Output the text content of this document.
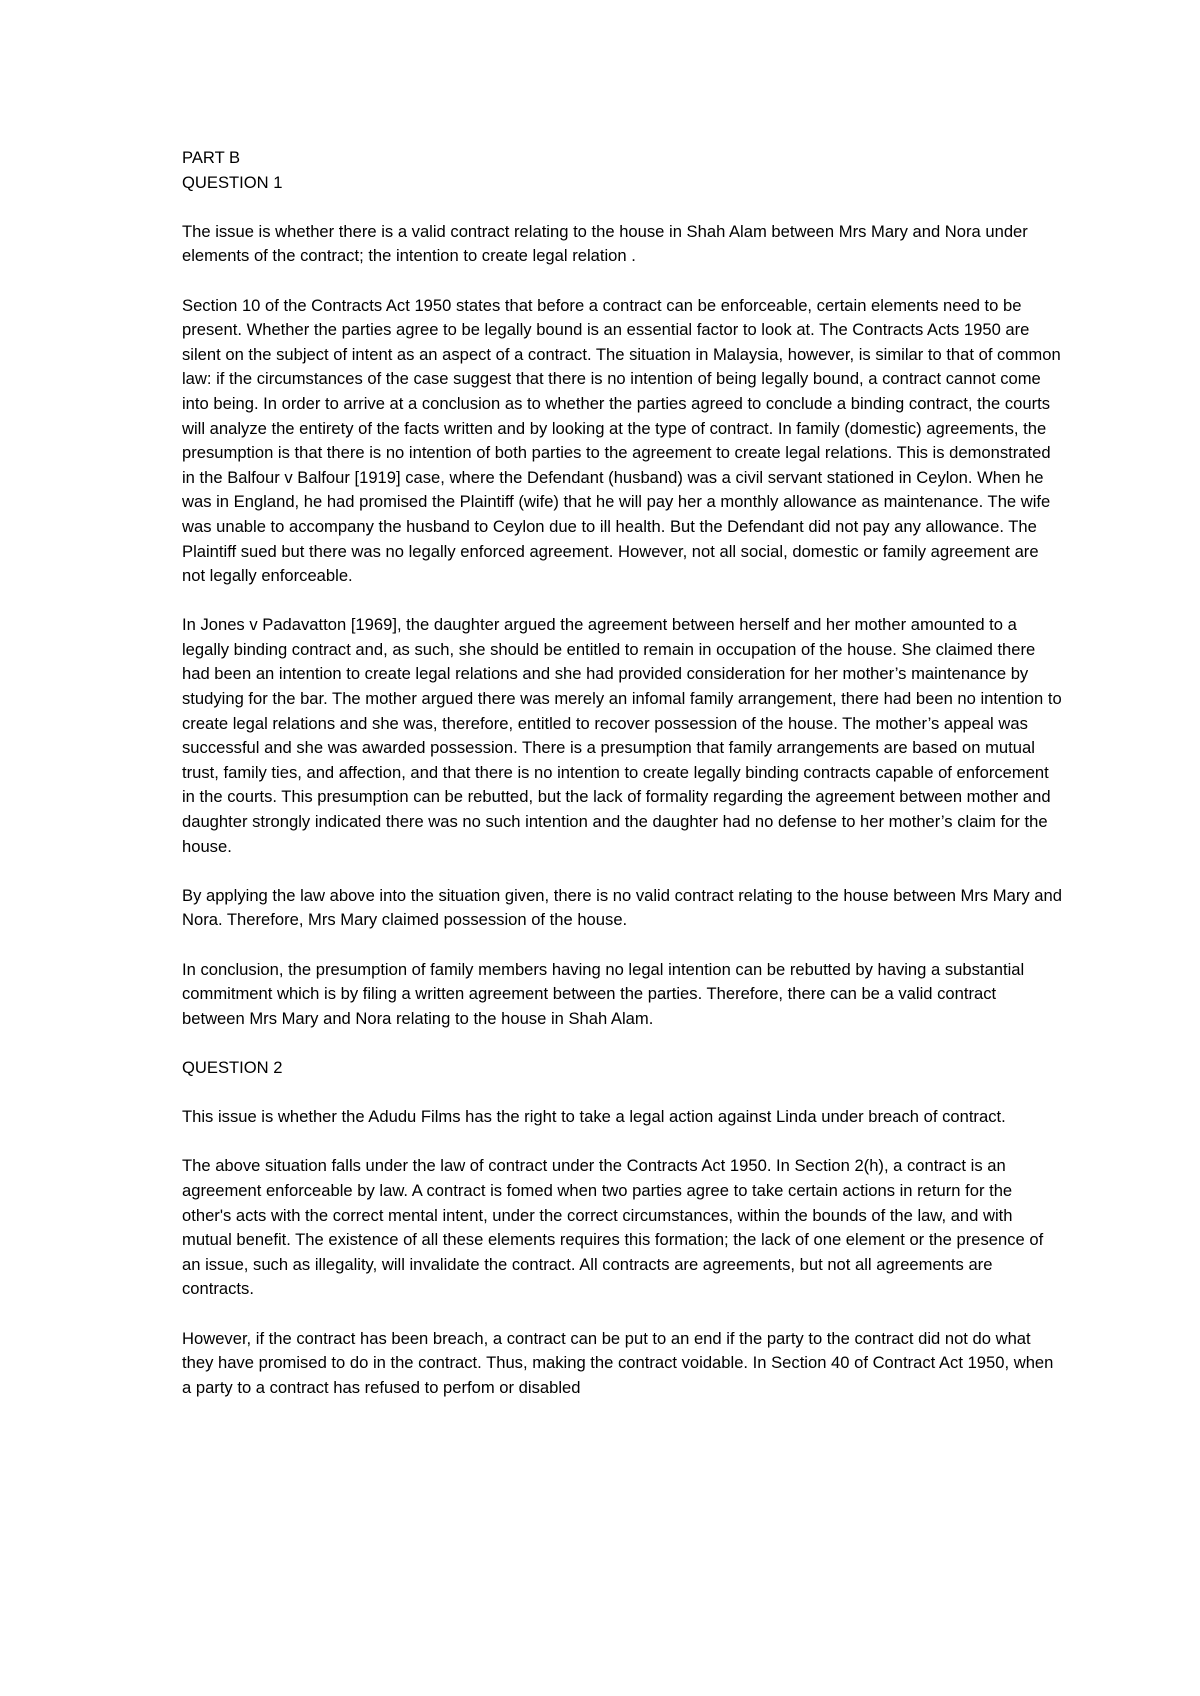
PART B
QUESTION 1

The issue is whether there is a valid contract relating to the house in Shah Alam between Mrs Mary and Nora under elements of the contract; the intention to create legal relation .

Section 10 of the Contracts Act 1950 states that before a contract can be enforceable, certain elements need to be present. Whether the parties agree to be legally bound is an essential factor to look at. The Contracts Acts 1950 are silent on the subject of intent as an aspect of a contract. The situation in Malaysia, however, is similar to that of common law: if the circumstances of the case suggest that there is no intention of being legally bound, a contract cannot come into being. In order to arrive at a conclusion as to whether the parties agreed to conclude a binding contract, the courts will analyze the entirety of the facts written and by looking at the type of contract. In family (domestic) agreements, the presumption is that there is no intention of both parties to the agreement to create legal relations. This is demonstrated in the Balfour v Balfour [1919] case, where the Defendant (husband) was a civil servant stationed in Ceylon. When he was in England, he had promised the Plaintiff (wife) that he will pay her a monthly allowance as maintenance. The wife was unable to accompany the husband to Ceylon due to ill health. But the Defendant did not pay any allowance. The Plaintiff sued but there was no legally enforced agreement. However, not all social, domestic or family agreement are not legally enforceable.

In Jones v Padavatton [1969], the daughter argued the agreement between herself and her mother amounted to a legally binding contract and, as such, she should be entitled to remain in occupation of the house. She claimed there had been an intention to create legal relations and she had provided consideration for her mother’s maintenance by studying for the bar. The mother argued there was merely an infomal family arrangement, there had been no intention to create legal relations and she was, therefore, entitled to recover possession of the house. The mother’s appeal was successful and she was awarded possession. There is a presumption that family arrangements are based on mutual trust, family ties, and affection, and that there is no intention to create legally binding contracts capable of enforcement in the courts. This presumption can be rebutted, but the lack of formality regarding the agreement between mother and daughter strongly indicated there was no such intention and the daughter had no defense to her mother’s claim for the house.

By applying the law above into the situation given, there is no valid contract relating to the house between Mrs Mary and Nora. Therefore, Mrs Mary claimed possession of the house.

In conclusion, the presumption of family members having no legal intention can be rebutted by having a substantial commitment which is by filing a written agreement between the parties. Therefore, there can be a valid contract between Mrs Mary and Nora relating to the house in Shah Alam.

QUESTION 2

This issue is whether the Adudu Films has the right to take a legal action against Linda under breach of contract.

The above situation falls under the law of contract under the Contracts Act 1950. In Section 2(h), a contract is an agreement enforceable by law. A contract is fomed when two parties agree to take certain actions in return for the other's acts with the correct mental intent, under the correct circumstances, within the bounds of the law, and with mutual benefit. The existence of all these elements requires this formation; the lack of one element or the presence of an issue, such as illegality, will invalidate the contract. All contracts are agreements, but not all agreements are contracts.

However, if the contract has been breach, a contract can be put to an end if the party to the contract did not do what they have promised to do in the contract. Thus, making the contract voidable. In Section 40 of Contract Act 1950, when a party to a contract has refused to perfom or disabled
